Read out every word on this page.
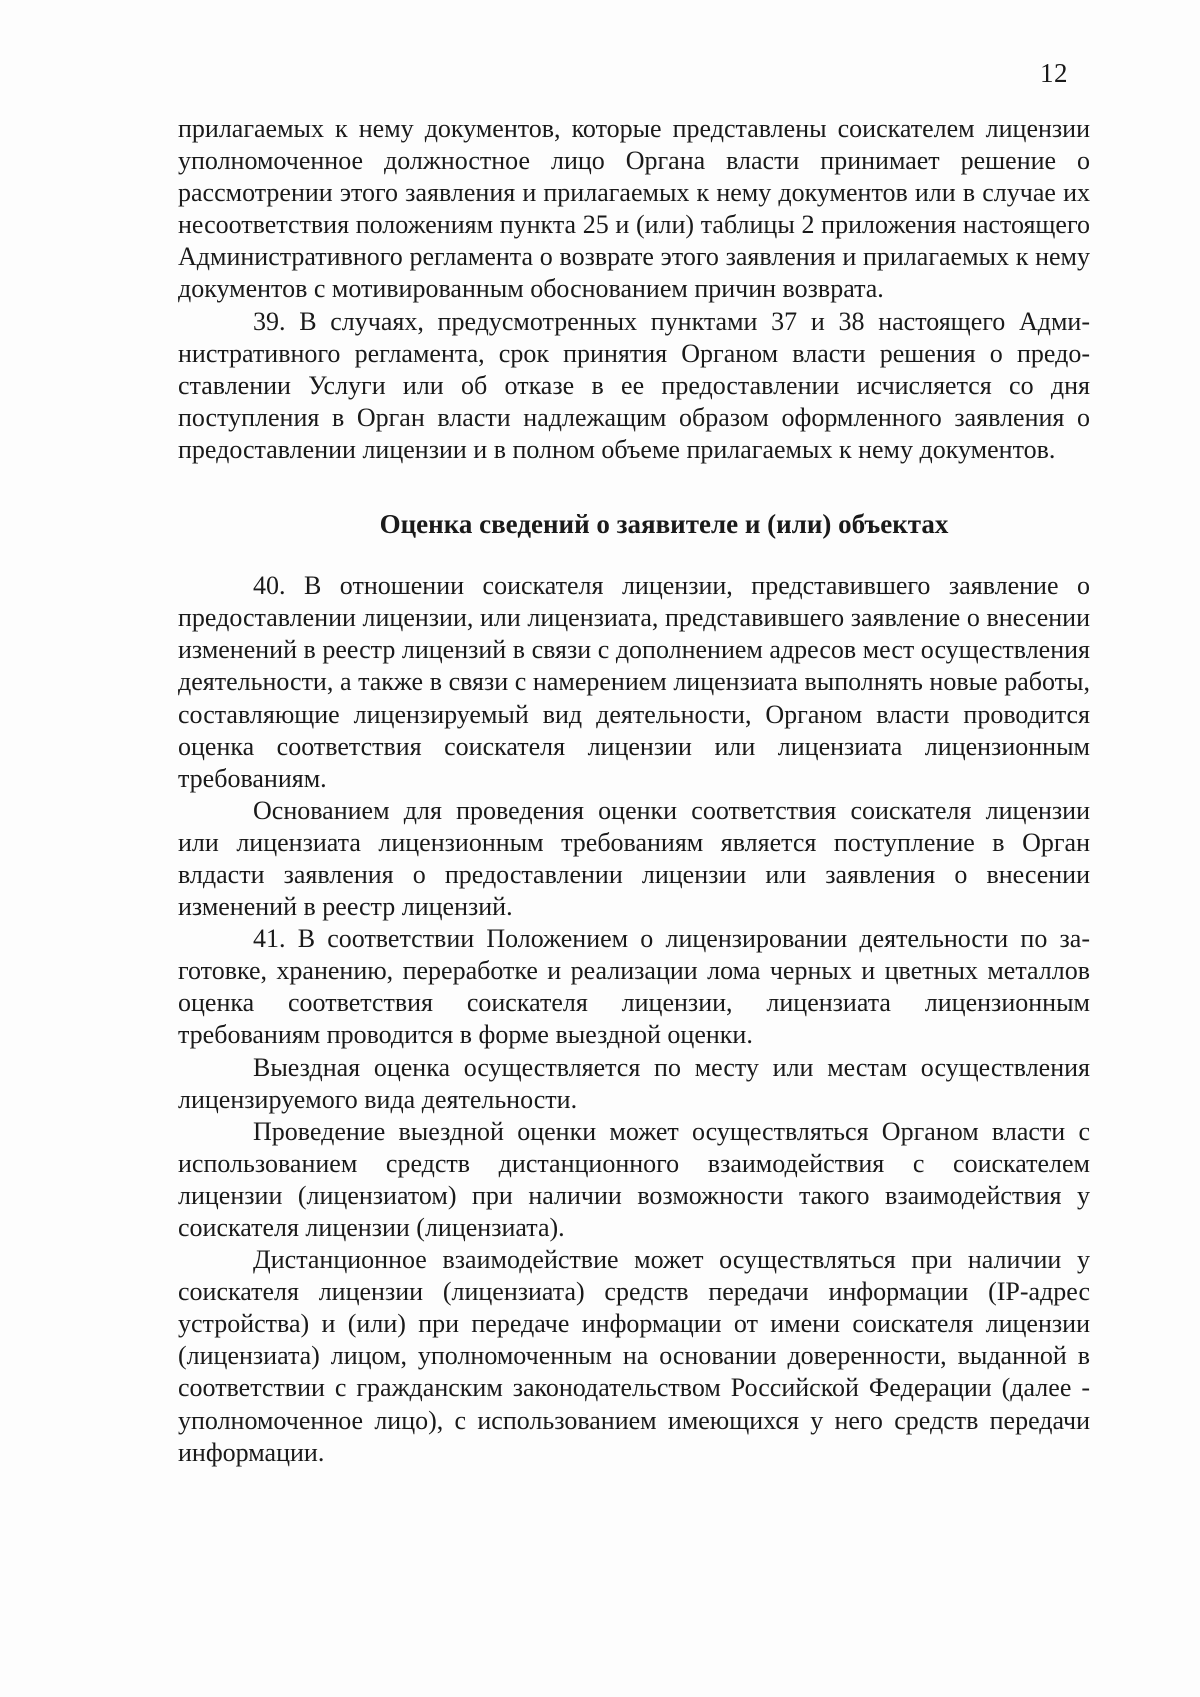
12

прилагаемых к нему документов, которые представлены соискателем лицензии уполномоченное должностное лицо Органа власти принимает решение о рассмотрении этого заявления и прилагаемых к нему документов или в случае их несоответствия положениям пункта 25 и (или) таблицы 2 приложения настоящего Административного регламента о возврате этого заявления и прилагаемых к нему документов с мотивированным обоснованием причин возврата.

39. В случаях, предусмотренных пунктами 37 и 38 настоящего Административного регламента, срок принятия Органом власти решения о предоставлении Услуги или об отказе в ее предоставлении исчисляется со дня поступления в Орган власти надлежащим образом оформленного заявления о предоставлении лицензии и в полном объеме прилагаемых к нему документов.

Оценка сведений о заявителе и (или) объектах

40. В отношении соискателя лицензии, представившего заявление о предоставлении лицензии, или лицензиата, представившего заявление о внесении изменений в реестр лицензий в связи с дополнением адресов мест осуществления деятельности, а также в связи с намерением лицензиата выполнять новые работы, составляющие лицензируемый вид деятельности, Органом власти проводится оценка соответствия соискателя лицензии или лицензиата лицензионным требованиям.

Основанием для проведения оценки соответствия соискателя лицензии или лицензиата лицензионным требованиям является поступление в Орган влдасти заявления о предоставлении лицензии или заявления о внесении изменений в реестр лицензий.

41. В соответствии Положением о лицензировании деятельности по заготовке, хранению, переработке и реализации лома черных и цветных металлов оценка соответствия соискателя лицензии, лицензиата лицензионным требованиям проводится в форме выездной оценки.

Выездная оценка осуществляется по месту или местам осуществления лицензируемого вида деятельности.

Проведение выездной оценки может осуществляться Органом власти с использованием средств дистанционного взаимодействия с соискателем лицензии (лицензиатом) при наличии возможности такого взаимодействия у соискателя лицензии (лицензиата).

Дистанционное взаимодействие может осуществляться при наличии у соискателя лицензии (лицензиата) средств передачи информации (IP-адрес устройства) и (или) при передаче информации от имени соискателя лицензии (лицензиата) лицом, уполномоченным на основании доверенности, выданной в соответствии с гражданским законодательством Российской Федерации (далее - уполномоченное лицо), с использованием имеющихся у него средств передачи информации.
